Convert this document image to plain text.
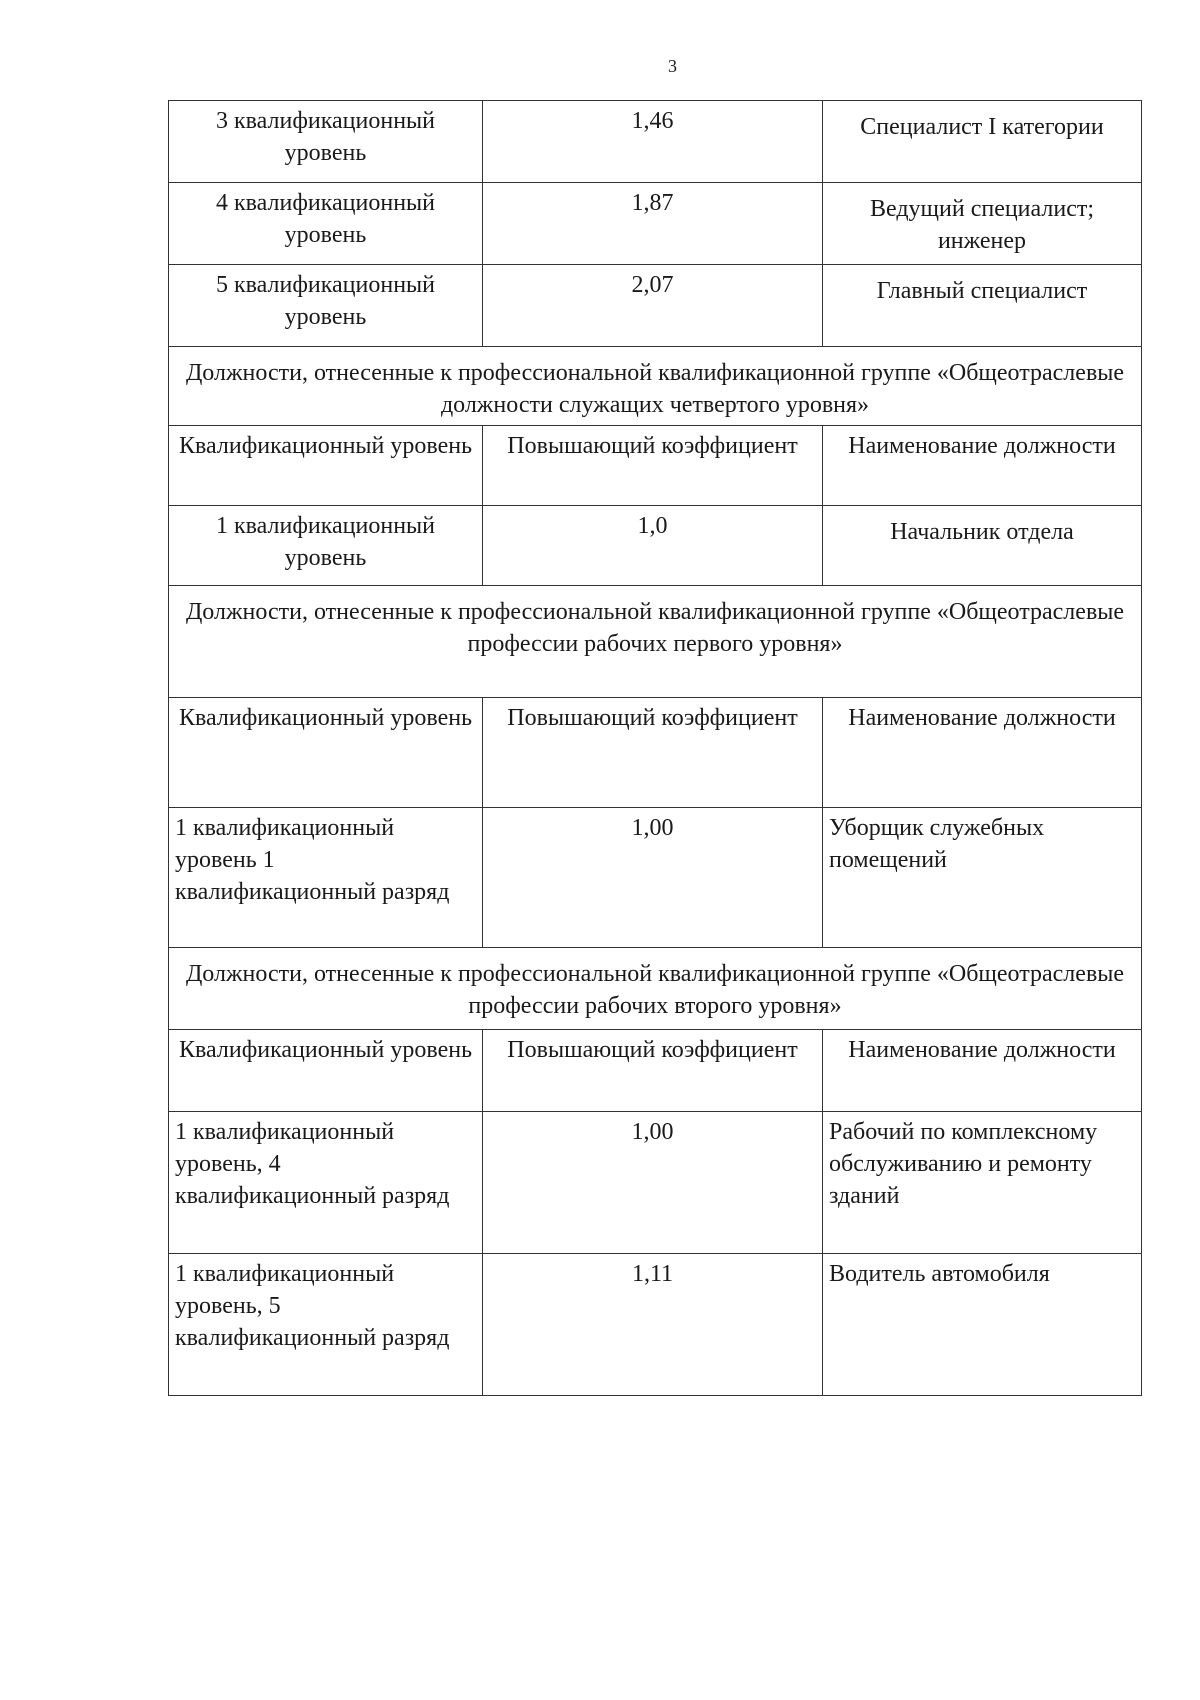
3
3 квалификационный уровень	1,46	Специалист I категории
4 квалификационный уровень	1,87	Ведущий специалист; инженер
5 квалификационный уровень	2,07	Главный специалист
Должности, отнесенные к профессиональной квалификационной группе «Общеотраслевые должности служащих четвертого уровня»		
Квалификационный уровень	Повышающий коэффициент	Наименование должности
1 квалификационный уровень	1,0	Начальник отдела
Должности, отнесенные к профессиональной квалификационной группе «Общеотраслевые профессии рабочих первого уровня»		
Квалификационный уровень	Повышающий коэффициент	Наименование должности
1 квалификационный уровень 1 квалификационный разряд	1,00	Уборщик служебных помещений
Должности, отнесенные к профессиональной квалификационной группе «Общеотраслевые профессии рабочих второго уровня»		
Квалификационный уровень	Повышающий коэффициент	Наименование должности
1 квалификационный уровень, 4 квалификационный разряд	1,00	Рабочий по комплексному обслуживанию и ремонту зданий
1 квалификационный уровень, 5 квалификационный разряд	1,11	Водитель автомобиля
